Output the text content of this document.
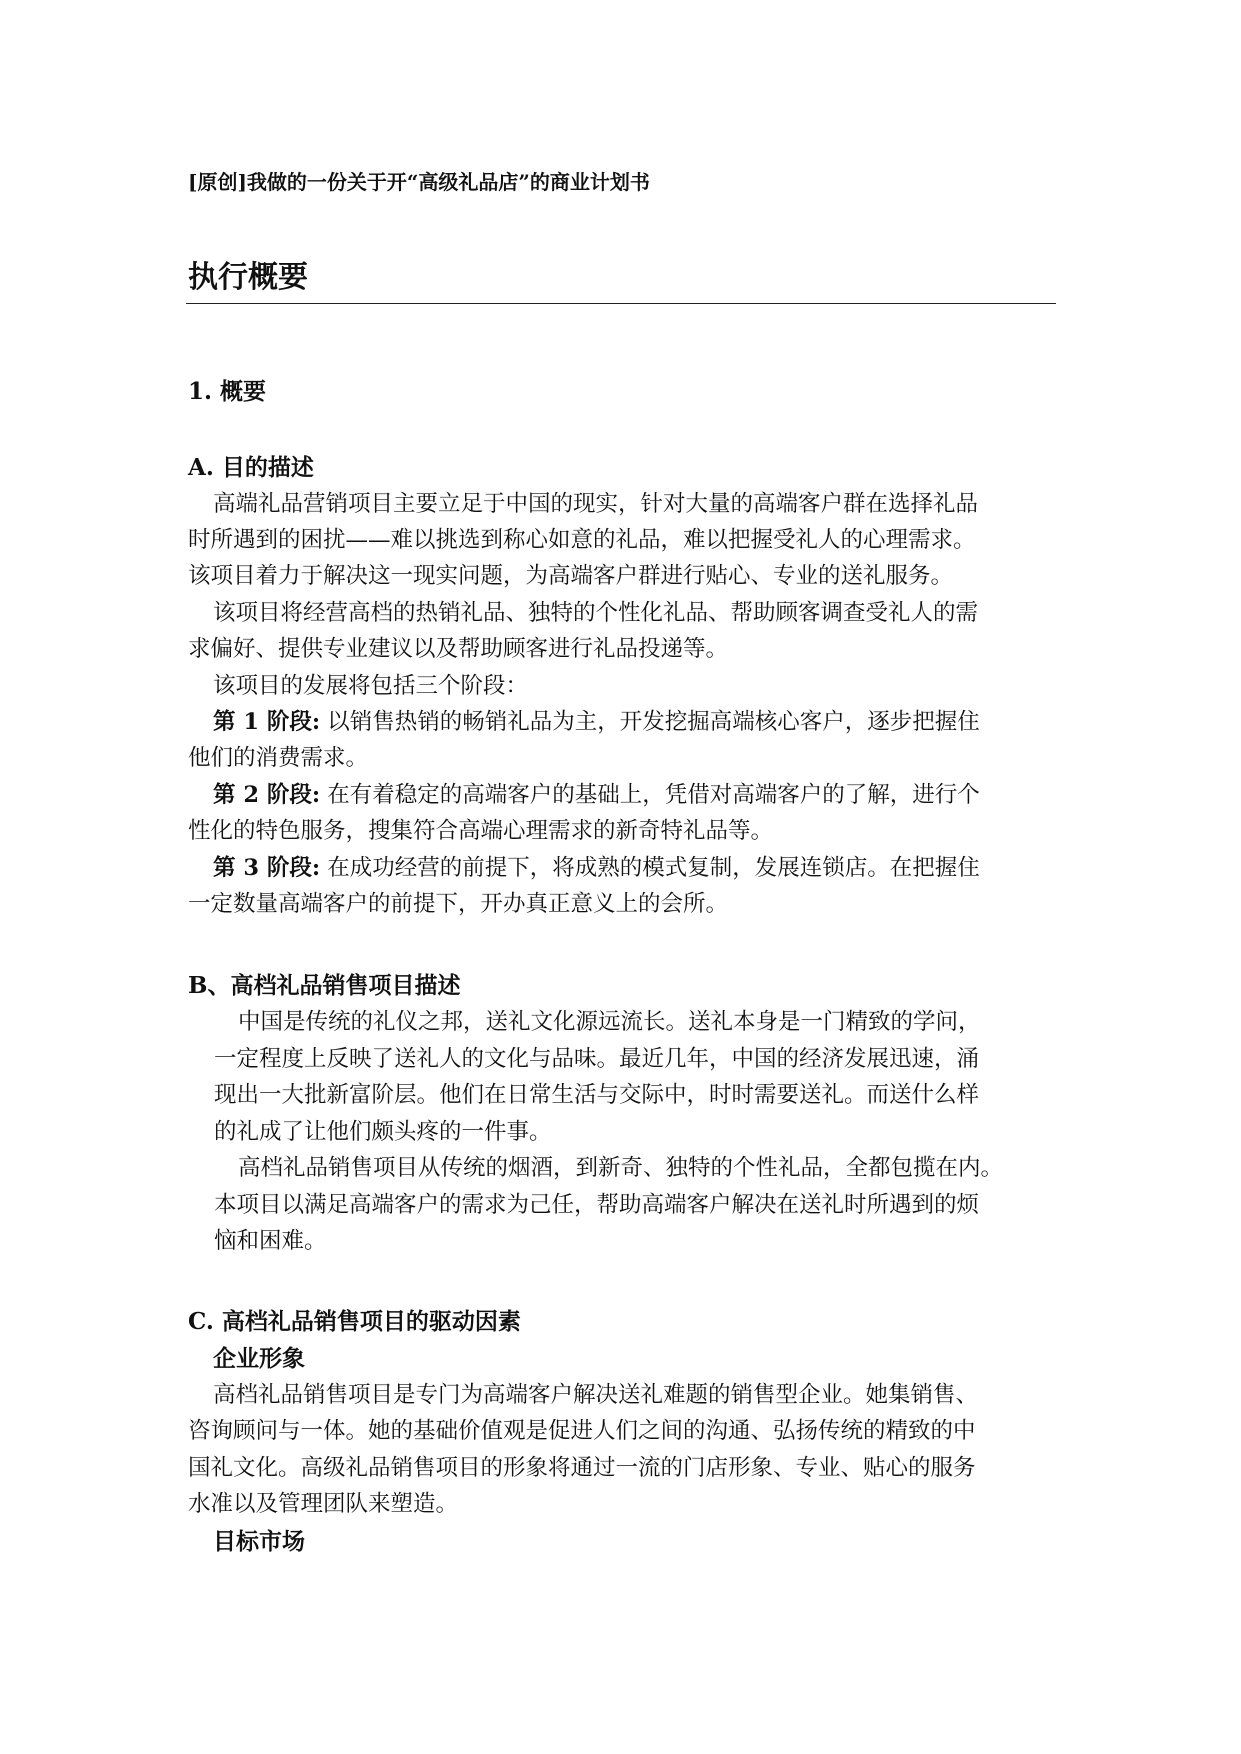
[原创]我做的一份关于开“高级礼品店”的商业计划书
执行概要
1. 概要
A. 目的描述
高端礼品营销项目主要立足于中国的现实，针对大量的高端客户群在选择礼品
时所遇到的困扰——难以挑选到称心如意的礼品，难以把握受礼人的心理需求。
该项目着力于解决这一现实问题，为高端客户群进行贴心、专业的送礼服务。
该项目将经营高档的热销礼品、独特的个性化礼品、帮助顾客调查受礼人的需
求偏好、提供专业建议以及帮助顾客进行礼品投递等。
该项目的发展将包括三个阶段：
第 1 阶段: 以销售热销的畅销礼品为主，开发挖掘高端核心客户，逐步把握住
他们的消费需求。
第 2 阶段: 在有着稳定的高端客户的基础上，凭借对高端客户的了解，进行个
性化的特色服务，搜集符合高端心理需求的新奇特礼品等。
第 3 阶段: 在成功经营的前提下，将成熟的模式复制，发展连锁店。在把握住
一定数量高端客户的前提下，开办真正意义上的会所。
B、高档礼品销售项目描述
中国是传统的礼仪之邦，送礼文化源远流长。送礼本身是一门精致的学问，
一定程度上反映了送礼人的文化与品味。最近几年，中国的经济发展迅速，涌
现出一大批新富阶层。他们在日常生活与交际中，时时需要送礼。而送什么样
的礼成了让他们颇头疼的一件事。
高档礼品销售项目从传统的烟酒，到新奇、独特的个性礼品，全都包揽在内。
本项目以满足高端客户的需求为己任，帮助高端客户解决在送礼时所遇到的烦
恼和困难。
C. 高档礼品销售项目的驱动因素
企业形象
高档礼品销售项目是专门为高端客户解决送礼难题的销售型企业。她集销售、
咨询顾问与一体。她的基础价值观是促进人们之间的沟通、弘扬传统的精致的中
国礼文化。高级礼品销售项目的形象将通过一流的门店形象、专业、贴心的服务
水准以及管理团队来塑造。
目标市场
